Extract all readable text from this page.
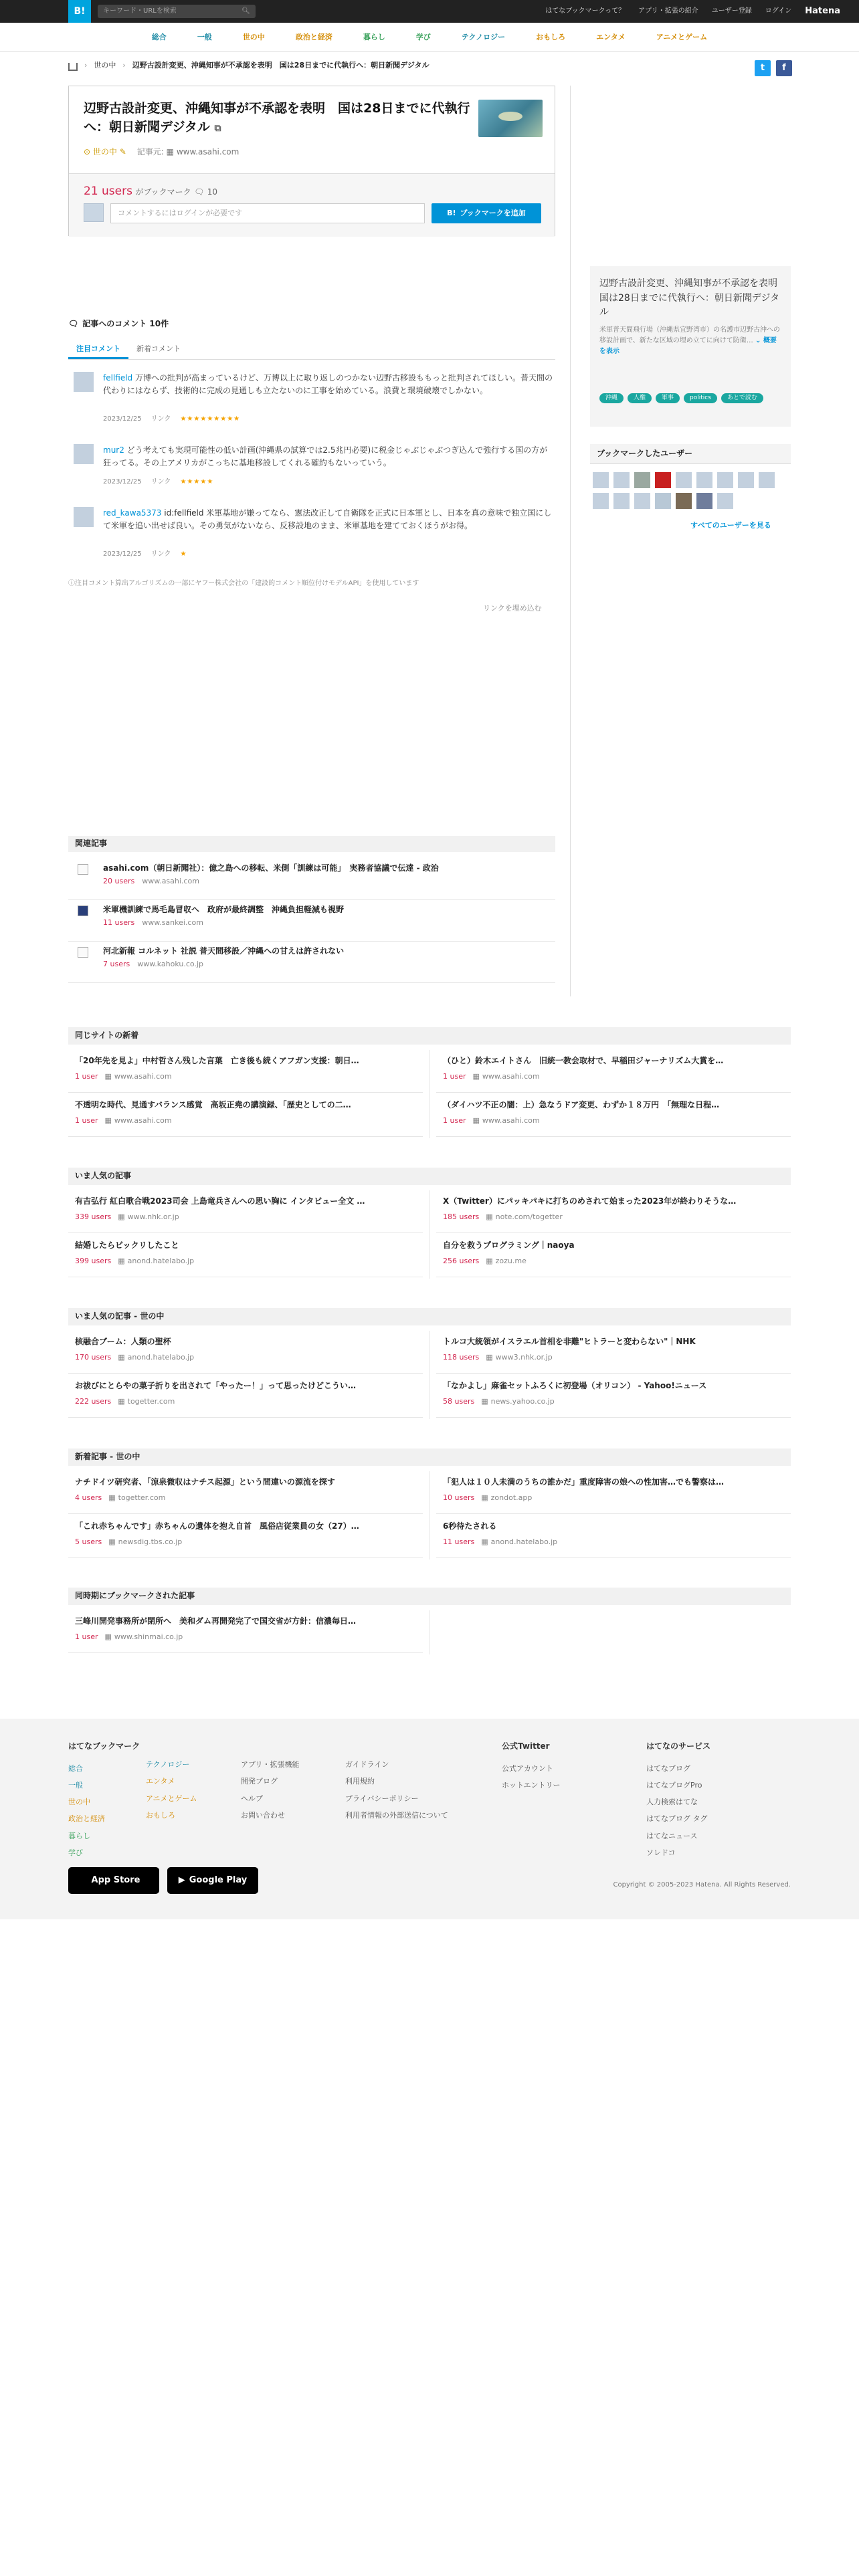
B!	キーワード・URLを検索	🔍︎	はてなブックマークって？ アプリ・拡張の紹介 ユーザー登録 ログイン Hatena
総合	一般	世の中	政治と経済	暮らし	学び	テクノロジー	おもしろ	エンタメ	アニメとゲーム
› 世の中 › 辺野古設計変更、沖縄知事が不承認を表明　国は28日までに代執行へ：朝日新聞デジタル	t	f
辺野古設計変更、沖縄知事が不承認を表明　国は28日までに代執行へ：朝日新聞デジタル ⧉
⊙ 世の中 ✎ 記事元: ▦ www.asahi.com
21 users がブックマーク 🗨︎ 10
コメントするにはログインが必要です	B! ブックマークを追加
辺野古設計変更、沖縄知事が不承認を表明　国は28日までに代執行へ：朝日新聞デジタル

米軍普天間飛行場（沖縄県宜野湾市）の名護市辺野古沖への移設計画で、新たな区域の埋め立てに向けて防衛… ⌄ 概要を表示

沖縄	人権	軍事	politics	あとで読む
ブックマークしたユーザー
すべてのユーザーを見る
🗨︎ 記事へのコメント 10件
注目コメント	新着コメント
fellfield 万博への批判が高まっているけど、万博以上に取り返しのつかない辺野古移設ももっと批判されてほしい。普天間の代わりにはならず、技術的に完成の見通しも立たないのに工事を始めている。浪費と環境破壊でしかない。
2023/12/25 リンク ★★★★★★★★★
mur2 どう考えても実現可能性の低い計画(沖縄県の試算では2.5兆円必要)に税金じゃぶじゃぶつぎ込んで強行する国の方が狂ってる。その上アメリカがこっちに基地移設してくれる確約もないっていう。
2023/12/25 リンク ★★★★★
red_kawa5373 id:fellfield 米軍基地が嫌ってなら、憲法改正して自衛隊を正式に日本軍とし、日本を真の意味で独立国にして米軍を追い出せば良い。その勇気がないなら、反移設地のまま、米軍基地を建てておくほうがお得。
2023/12/25 リンク ★
ⓘ注目コメント算出アルゴリズムの一部にヤフー株式会社の「建設的コメント順位付けモデルAPI」を使用しています
リンクを埋め込む
関連記事
asahi.com（朝日新聞社）：億之島への移転、米側「訓練は可能」　実務者協議で伝達 - 政治
20 users　 www.asahi.com
米軍機訓練で馬毛島冒収へ　政府が最終調整　沖縄負担軽減も視野
11 users　 www.sankei.com
河北新報 コルネット 社説 普天間移設／沖縄への甘えは許されない
7 users　 www.kahoku.co.jp
同じサイトの新着
「20年先を見よ」中村哲さん残した言葉　亡き後も続くアフガン支援：朝日…
1 user ▦ www.asahi.com
（ひと）鈴木エイトさん　旧統一教会取材で、早稲田ジャーナリズム大賞を…
1 user ▦ www.asahi.com
不透明な時代、見通すバランス感覚　高坂正堯の講演録、「歴史としての二…
1 user ▦ www.asahi.com
（ダイハツ不正の闇：上）急なうドア変更、わずか１８万円　「無理な日程…
1 user ▦ www.asahi.com
いま人気の記事
有吉弘行 紅白歌合戦2023司会 上島竜兵さんへの思い胸に インタビュー全文 …
339 users ▦ www.nhk.or.jp
X（Twitter）にパッキパキに打ちのめされて始まった2023年が終わりそうな…
185 users ▦ note.com/togetter
結婚したらビックリしたこと
399 users ▦ anond.hatelabo.jp
自分を救うプログラミング｜naoya
256 users ▦ zozu.me
いま人気の記事 - 世の中
核融合ブーム：人類の聖杯
170 users ▦ anond.hatelabo.jp
トルコ大統領がイスラエル首相を非難"ヒトラーと変わらない"｜NHK
118 users ▦ www3.nhk.or.jp
お祓びにとらやの菓子折りを出されて「やったー！」って思ったけどこうい…
222 users ▦ togetter.com
「なかよし」麻雀セットふろくに初登場（オリコン） - Yahoo!ニュース
58 users ▦ news.yahoo.co.jp
新着記事 - 世の中
ナチドイツ研究者、「涼泉微収はナチス起源」という間違いの源流を探す
4 users ▦ togetter.com
「犯人は１０人未満のうちの誰かだ」重度障害の娘への性加害…でも警察は…
10 users ▦ zondot.app
「これ赤ちゃんです」赤ちゃんの遺体を抱え自首　風俗店従業員の女（27）…
5 users ▦ newsdig.tbs.co.jp
6秒待たされる
11 users ▦ anond.hatelabo.jp
同時期にブックマークされた記事
三峰川開発事務所が閉所へ　美和ダム再開発完了で国交省が方針：信濃毎日…
1 user ▦ www.shinmai.co.jp
はてなブックマーク
総合
一般
世の中
政治と経済
暮らし
学び
テクノロジー
エンタメ
アニメとゲーム
おもしろ
アプリ・拡張機能
開発ブログ
ヘルプ
お問い合わせ
ガイドライン
利用規約
プライバシーポリシー
利用者情報の外部送信について
公式Twitter
公式アカウント
ホットエントリー
はてなのサービス
はてなブログ
はてなブログPro
人力検索はてな
はてなブログ タグ
はてなニュース
ソレドコ
App Store	▶ Google Play	Copyright © 2005-2023 Hatena. All Rights Reserved.
